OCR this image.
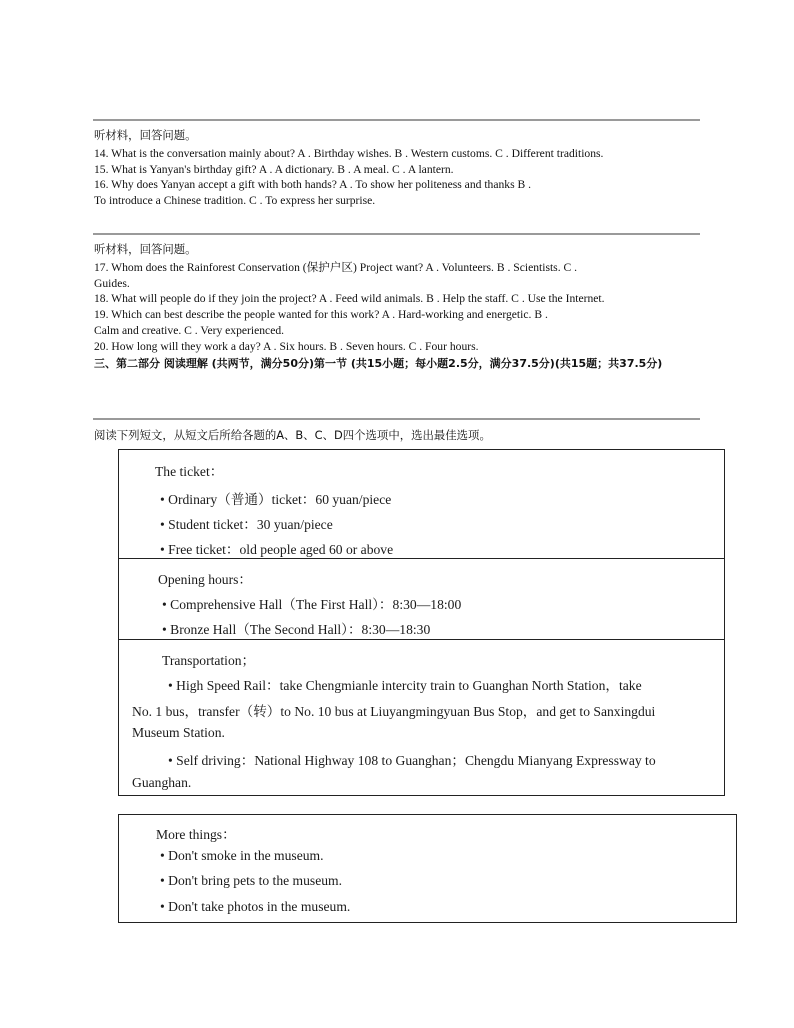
听材料，回答问题。

14. What is the conversation mainly about? A . Birthday wishes. B . Western customs. C . Different traditions.

15. What is Yanyan's birthday gift? A . A dictionary. B . A meal. C . A lantern.

16. Why does Yanyan accept a gift with both hands? A . To show her politeness and thanks B .

To introduce a Chinese tradition. C . To express her surprise.

听材料，回答问题。

17. Whom does the Rainforest Conservation (保护户区) Project want? A . Volunteers. B . Scientists. C .

Guides.

18. What will people do if they join the project? A . Feed wild animals. B . Help the staff. C . Use the Internet.

19. Which can best describe the people wanted for this work? A . Hard-working and energetic. B .

Calm and creative. C . Very experienced.

20. How long will they work a day? A . Six hours. B . Seven hours. C . Four hours.

三、第二部分 阅读理解 (共两节，满分50分)第一节 (共15小题；每小题2.5分，满分37.5分)(共15题；共37.5分)

阅读下列短文，从短文后所给各题的A、B、C、D四个选项中，选出最佳选项。
The ticket：
• Ordinary（普通）ticket：60 yuan/piece
• Student ticket：30 yuan/piece
• Free ticket：old people aged 60 or above
Opening hours：
• Comprehensive Hall（The First Hall）：8:30—18:00
• Bronze Hall（The Second Hall）：8:30—18:30
Transportation；
• High Speed Rail：take Chengmianle intercity train to Guanghan North Station，take
No. 1 bus，transfer（转）to No. 10 bus at Liuyangmingyuan Bus Stop，and get to Sanxingdui
Museum Station.
• Self driving：National Highway 108 to Guanghan；Chengdu Mianyang Expressway to
Guanghan.
More things：
• Don't smoke in the museum.
• Don't bring pets to the museum.
• Don't take photos in the museum.
